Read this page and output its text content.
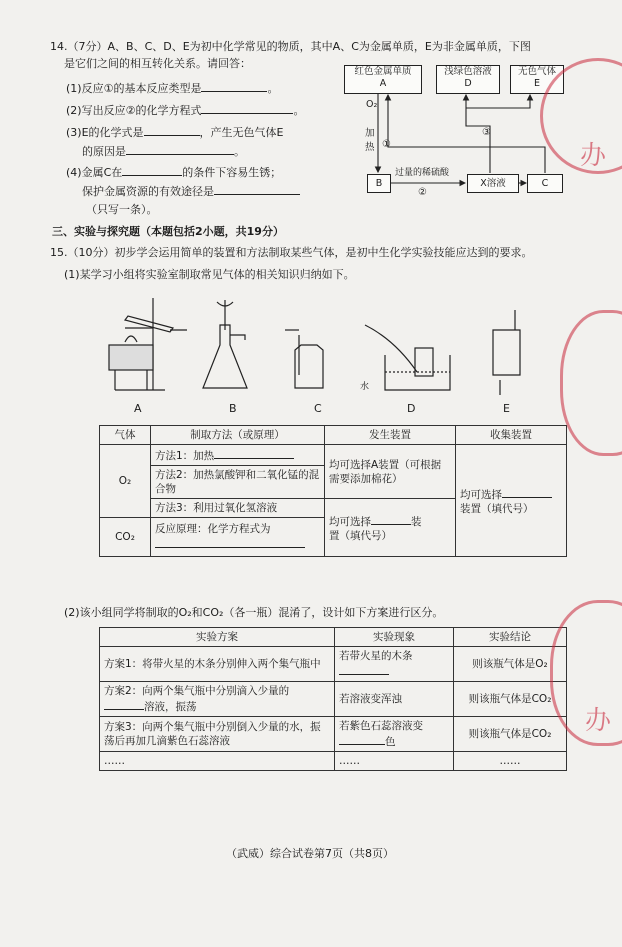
14.（7分）A、B、C、D、E为初中化学常见的物质，其中A、C为金属单质，E为非金属单质，下图
是它们之间的相互转化关系。请回答：
(1)反应①的基本反应类型是	。
(2)写出反应②的化学方程式	。
(3)E的化学式是	，产生无色气体E
的原因是	。
(4)金属C在	的条件下容易生锈；
保护金属资源的有效途径是
（只写一条）。
红色金属单质
A
浅绿色溶液
D
无色气体
E
B	X溶液	C
O₂
加
热 ①
②
③
过量的稀硫酸
三、实验与探究题（本题包括2小题，共19分）
15.（10分）初步学会运用简单的装置和方法制取某些气体，是初中生化学实验技能应达到的要求。
(1)某学习小组将实验室制取常见气体的相关知识归纳如下。
A	B	C	D	E
水
气体	制取方法（或原理）	发生装置	收集装置
O₂	方法1：加热	均可选择A装置（可根据需要添加棉花）	均可选择
装置（填代号）
	方法2：加热氯酸钾和二氧化锰的混合物		
	方法3：利用过氧化氢溶液	均可选择 装
置（填代号）	
CO₂	反应原理：化学方程式为		

(2)该小组同学将制取的O₂和CO₂（各一瓶）混淆了，设计如下方案进行区分。
实验方案	实验现象	实验结论
方案1：将带火星的木条分别伸入两个集气瓶中	若带火星的木条	则该瓶气体是O₂
方案2：向两个集气瓶中分别滴入少量的
溶液，振荡	若溶液变浑浊	则该瓶气体是CO₂
方案3：向两个集气瓶中分别倒入少量的水，振荡后再加几滴紫色石蕊溶液	若紫色石蕊溶液变
色	则该瓶气体是CO₂
……	……	……
办
办
（武威）综合试卷第7页（共8页）
